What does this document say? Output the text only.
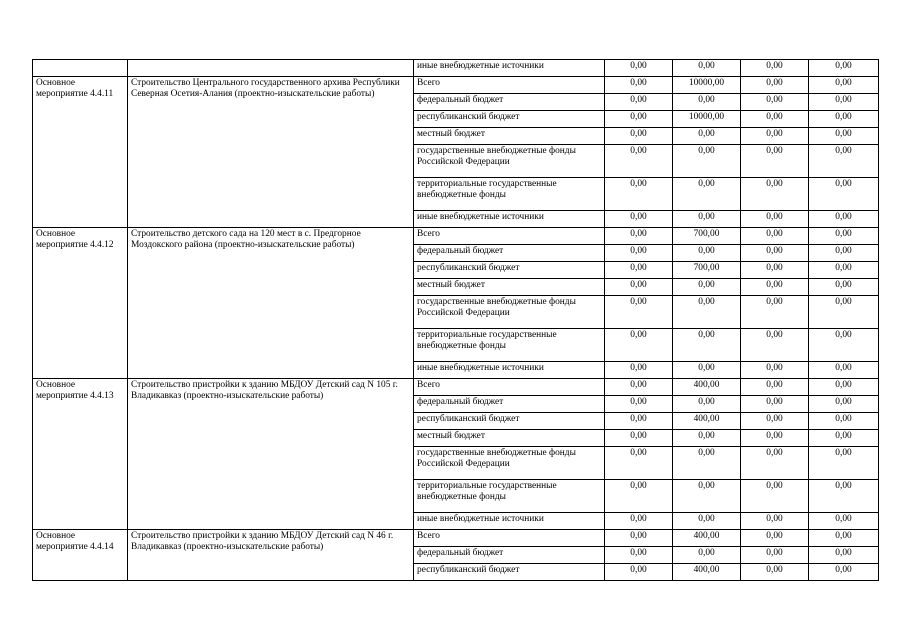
		иные внебюджетные источники	0,00	0,00	0,00	0,00
Основное мероприятие 4.4.11	Строительство Центрального государственного архива Республики Северная Осетия-Алания (проектно-изыскательские работы)	Всего	0,00	10000,00	0,00	0,00
		федеральный бюджет	0,00	0,00	0,00	0,00
		республиканский бюджет	0,00	10000,00	0,00	0,00
		местный бюджет	0,00	0,00	0,00	0,00
		государственные внебюджетные фонды Российской Федерации	0,00	0,00	0,00	0,00
		территориальные государственные внебюджетные фонды	0,00	0,00	0,00	0,00
		иные внебюджетные источники	0,00	0,00	0,00	0,00
Основное мероприятие 4.4.12	Строительство детского сада на 120 мест в с. Предгорное Моздокского района (проектно-изыскательские работы)	Всего	0,00	700,00	0,00	0,00
		федеральный бюджет	0,00	0,00	0,00	0,00
		республиканский бюджет	0,00	700,00	0,00	0,00
		местный бюджет	0,00	0,00	0,00	0,00
		государственные внебюджетные фонды Российской Федерации	0,00	0,00	0,00	0,00
		территориальные государственные внебюджетные фонды	0,00	0,00	0,00	0,00
		иные внебюджетные источники	0,00	0,00	0,00	0,00
Основное мероприятие 4.4.13	Строительство пристройки к зданию МБДОУ Детский сад N 105 г. Владикавказ (проектно-изыскательские работы)	Всего	0,00	400,00	0,00	0,00
		федеральный бюджет	0,00	0,00	0,00	0,00
		республиканский бюджет	0,00	400,00	0,00	0,00
		местный бюджет	0,00	0,00	0,00	0,00
		государственные внебюджетные фонды Российской Федерации	0,00	0,00	0,00	0,00
		территориальные государственные внебюджетные фонды	0,00	0,00	0,00	0,00
		иные внебюджетные источники	0,00	0,00	0,00	0,00
Основное мероприятие 4.4.14	Строительство пристройки к зданию МБДОУ Детский сад N 46 г. Владикавказ (проектно-изыскательские работы)	Всего	0,00	400,00	0,00	0,00
		федеральный бюджет	0,00	0,00	0,00	0,00
		республиканский бюджет	0,00	400,00	0,00	0,00
